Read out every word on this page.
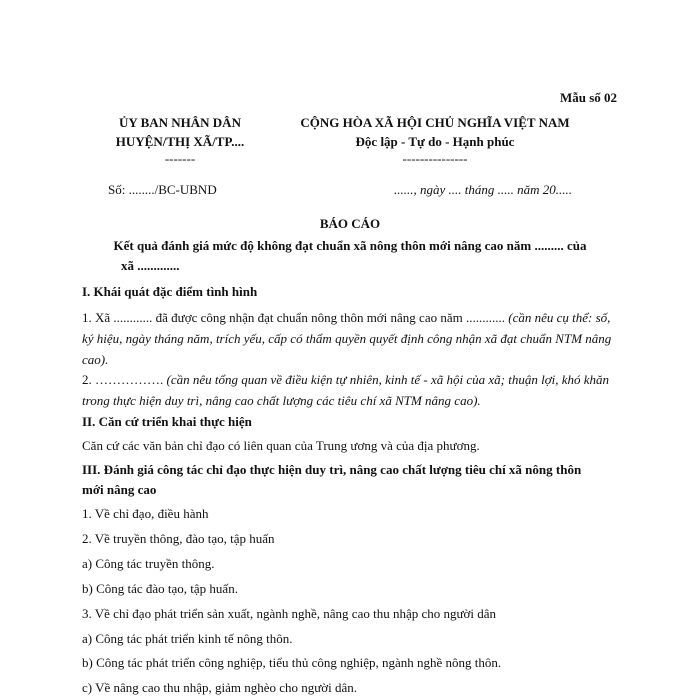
Mẫu số 02
ỦY BAN NHÂN DÂN
HUYỆN/THỊ XÃ/TP....
-------
Số: ......../BC-UBND
CỘNG HÒA XÃ HỘI CHỦ NGHĨA VIỆT NAM
Độc lập - Tự do - Hạnh phúc
---------------
......, ngày .... tháng ..... năm 20.....
BÁO CÁO
Kết quả đánh giá mức độ không đạt chuẩn xã nông thôn mới nâng cao năm ......... của
xã .............
I. Khái quát đặc điểm tình hình
1. Xã ............ đã được công nhận đạt chuẩn nông thôn mới nâng cao năm ............ (cần nêu cụ thể: số, ký hiệu, ngày tháng năm, trích yếu, cấp có thẩm quyền quyết định công nhận xã đạt chuẩn NTM nâng cao).
2. ……………. (cần nêu tổng quan về điều kiện tự nhiên, kinh tế - xã hội của xã; thuận lợi, khó khăn trong thực hiện duy trì, nâng cao chất lượng các tiêu chí xã NTM nâng cao).
II. Căn cứ triển khai thực hiện
Căn cứ các văn bản chỉ đạo có liên quan của Trung ương và của địa phương.
III. Đánh giá công tác chỉ đạo thực hiện duy trì, nâng cao chất lượng tiêu chí xã nông thôn
mới nâng cao
1. Về chỉ đạo, điều hành
2. Về truyền thông, đào tạo, tập huấn
a) Công tác truyền thông.
b) Công tác đào tạo, tập huấn.
3. Về chỉ đạo phát triển sản xuất, ngành nghề, nâng cao thu nhập cho người dân
a) Công tác phát triển kinh tế nông thôn.
b) Công tác phát triển công nghiệp, tiểu thủ công nghiệp, ngành nghề nông thôn.
c) Về nâng cao thu nhập, giảm nghèo cho người dân.
